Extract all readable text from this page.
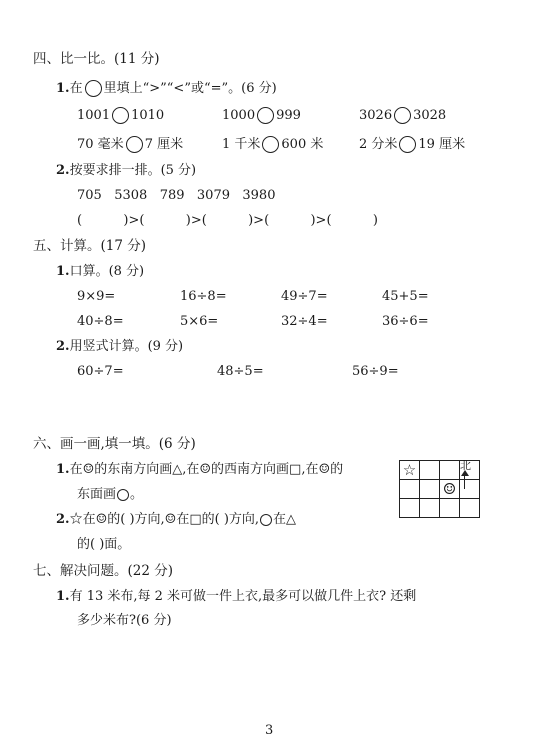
四、比一比。(11 分)
1.在 里填上“>”“<”或“=”。(6 分)
1001 1010	1000 999	3026 3028
70 毫米 7 厘米	1 千米 600 米	2 分米 19 厘米
2.按要求排一排。(5 分)
705   5308   789   3079   3980
(          )>(          )>(          )>(          )>(          )
五、计算。(17 分)
1.口算。(8 分)
9×9=	16÷8=	49÷7=	45+5=
40÷8=	5×6=	32÷4=	36÷6=
2.用竖式计算。(9 分)
60÷7=	48÷5=	56÷9=
六、画一画,填一填。(6 分)
1.在☺的东南方向画△,在☺的西南方向画□,在☺的
东面画 。
2.☆在☺的( )方向,☺在□的( )方向, 在△
的( )面。
☆			
		☺	

北
七、解决问题。(22 分)
1.有 13 米布,每 2 米可做一件上衣,最多可以做几件上衣? 还剩
多少米布?(6 分)
3
